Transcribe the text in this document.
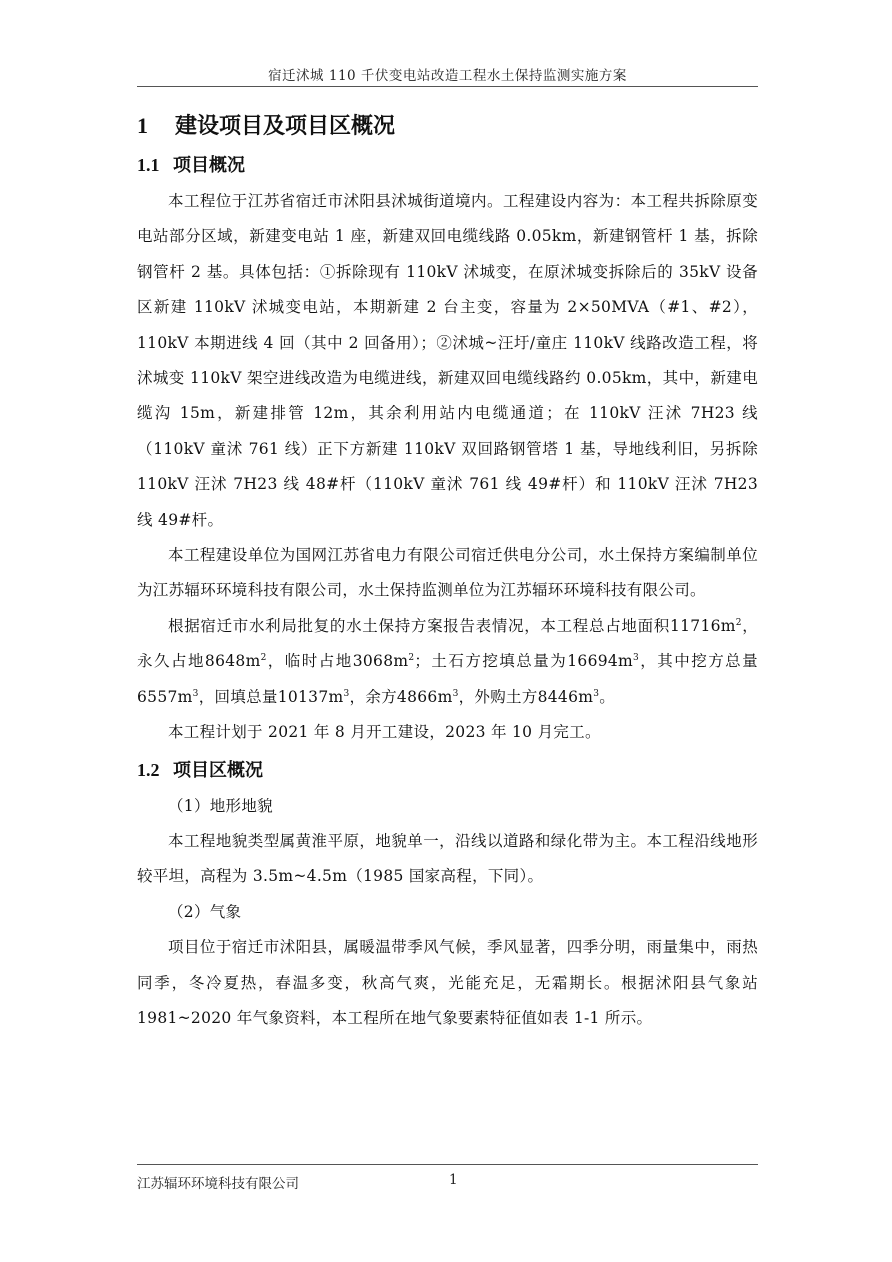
宿迁沭城 110 千伏变电站改造工程水土保持监测实施方案
1 建设项目及项目区概况
1.1 项目概况

本工程位于江苏省宿迁市沭阳县沭城街道境内。工程建设内容为：本工程共拆除原变电站部分区域，新建变电站 1 座，新建双回电缆线路 0.05km，新建钢管杆 1 基，拆除钢管杆 2 基。具体包括：①拆除现有 110kV 沭城变，在原沭城变拆除后的 35kV 设备区新建 110kV 沭城变电站，本期新建 2 台主变，容量为 2×50MVA（#1、#2），110kV 本期进线 4 回（其中 2 回备用）；②沭城~汪圩/童庄 110kV 线路改造工程，将沭城变 110kV 架空进线改造为电缆进线，新建双回电缆线路约 0.05km，其中，新建电缆沟 15m，新建排管 12m，其余利用站内电缆通道；在 110kV 汪沭 7H23 线（110kV 童沭 761 线）正下方新建 110kV 双回路钢管塔 1 基，导地线利旧，另拆除 110kV 汪沭 7H23 线 48#杆（110kV 童沭 761 线 49#杆）和 110kV 汪沭 7H23 线 49#杆。

本工程建设单位为国网江苏省电力有限公司宿迁供电分公司，水土保持方案编制单位为江苏辐环环境科技有限公司，水土保持监测单位为江苏辐环环境科技有限公司。

根据宿迁市水利局批复的水土保持方案报告表情况，本工程总占地面积$11716m^2$，永久占地$8648m^2$，临时占地$3068m^2$；土石方挖填总量为$16694m^3$，其中挖方总量$6557m^3$，回填总量$10137m^3$，余方$4866m^3$，外购土方$8446m^3$。

本工程计划于 2021 年 8 月开工建设，2023 年 10 月完工。

1.2 项目区概况

（1）地形地貌

本工程地貌类型属黄淮平原，地貌单一，沿线以道路和绿化带为主。本工程沿线地形较平坦，高程为 3.5m~4.5m（1985 国家高程，下同）。

（2）气象

项目位于宿迁市沭阳县，属暖温带季风气候，季风显著，四季分明，雨量集中，雨热同季，冬冷夏热，春温多变，秋高气爽，光能充足，无霜期长。根据沭阳县气象站 1981~2020 年气象资料，本工程所在地气象要素特征值如表 1-1 所示。

江苏辐环环境科技有限公司	1
